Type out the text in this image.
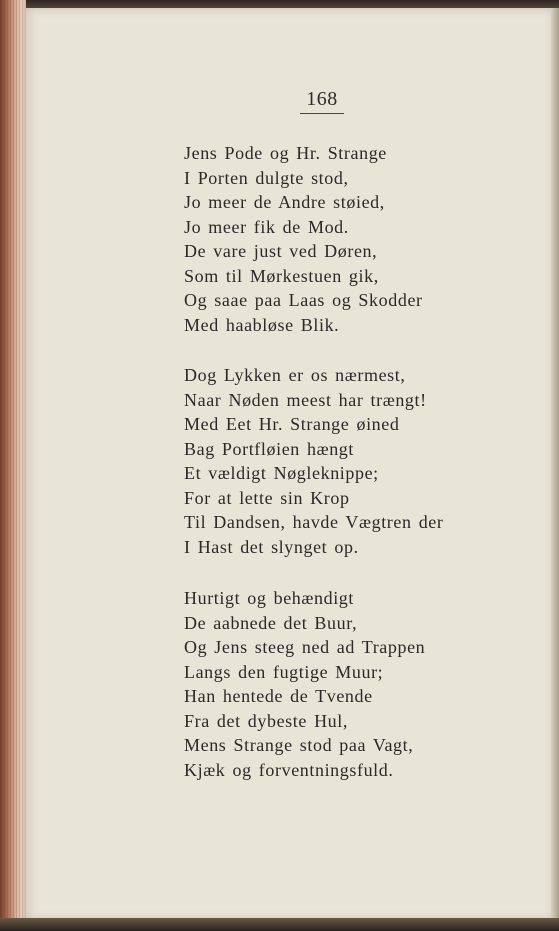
168
Jens Pode og Hr. Strange
I Porten dulgte stod,
Jo meer de Andre støied,
Jo meer fik de Mod.
De vare just ved Døren,
Som til Mørkestuen gik,
Og saae paa Laas og Skodder
Med haabløse Blik.
Dog Lykken er os nærmest,
Naar Nøden meest har trængt!
Med Eet Hr. Strange øined
Bag Portfløien hængt
Et vældigt Nøgleknippe;
For at lette sin Krop
Til Dandsen, havde Vægtren der
I Hast det slynget op.
Hurtigt og behændigt
De aabnede det Buur,
Og Jens steeg ned ad Trappen
Langs den fugtige Muur;
Han hentede de Tvende
Fra det dybeste Hul,
Mens Strange stod paa Vagt,
Kjæk og forventningsfuld.
